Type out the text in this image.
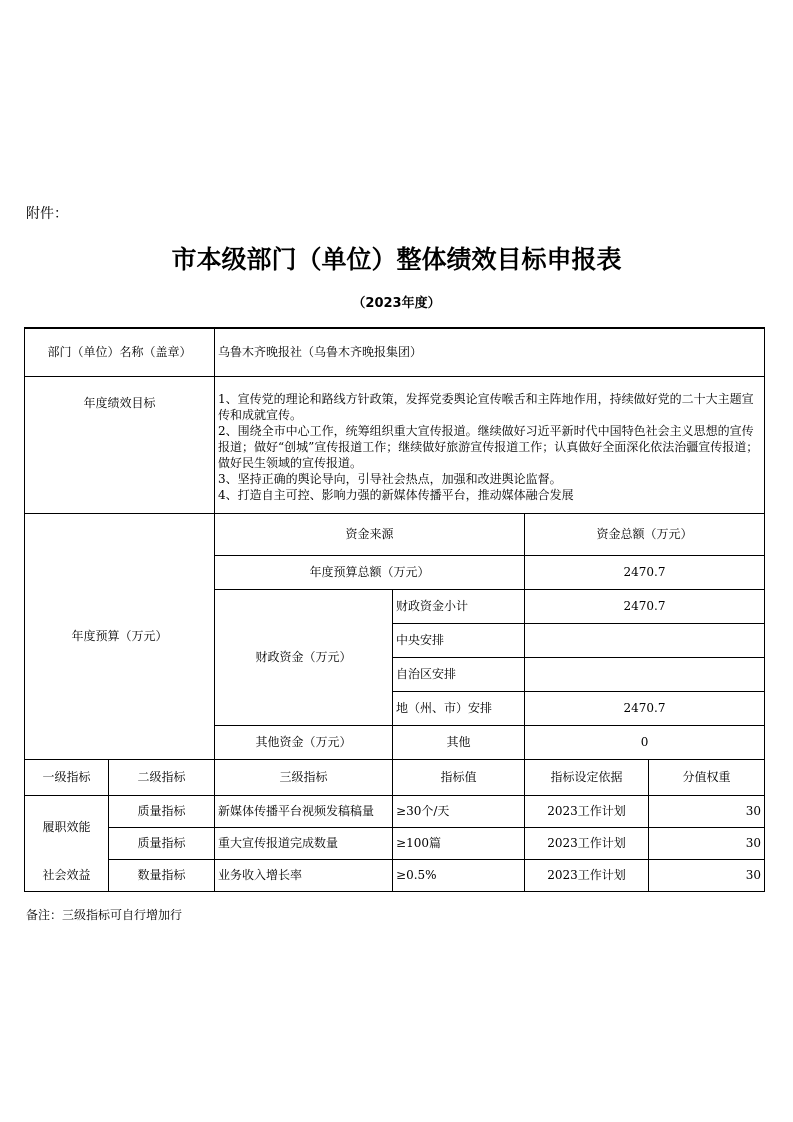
附件：
市本级部门（单位）整体绩效目标申报表
（2023年度）
部门（单位）名称（盖章）		乌鲁木齐晚报社（乌鲁木齐晚报集团）			
年度绩效目标		1、宣传党的理论和路线方针政策，发挥党委舆论宣传喉舌和主阵地作用，持续做好党的二十大主题宣传和成就宣传。
2、围绕全市中心工作，统筹组织重大宣传报道。继续做好习近平新时代中国特色社会主义思想的宣传报道；做好“创城”宣传报道工作；继续做好旅游宣传报道工作；认真做好全面深化依法治疆宣传报道；做好民生领域的宣传报道。
3、坚持正确的舆论导向，引导社会热点，加强和改进舆论监督。
4、打造自主可控、影响力强的新媒体传播平台，推动媒体融合发展			

年度预算（万元）		资金来源		资金总额（万元）	
		年度预算总额（万元）		2470.7	
		财政资金（万元）	财政资金小计	2470.7	
			中央安排		
			自治区安排		
			地（州、市）安排	2470.7	
		其他资金（万元）	其他	0	
一级指标	二级指标	三级指标	指标值	指标设定依据	分值权重
履职效能	质量指标	新媒体传播平台视频发稿稿量	≥30个/天	2023工作计划	30
	质量指标	重大宣传报道完成数量	≥100篇	2023工作计划	30
社会效益	数量指标	业务收入增长率	≥0.5%	2023工作计划	30
备注：三级指标可自行增加行
